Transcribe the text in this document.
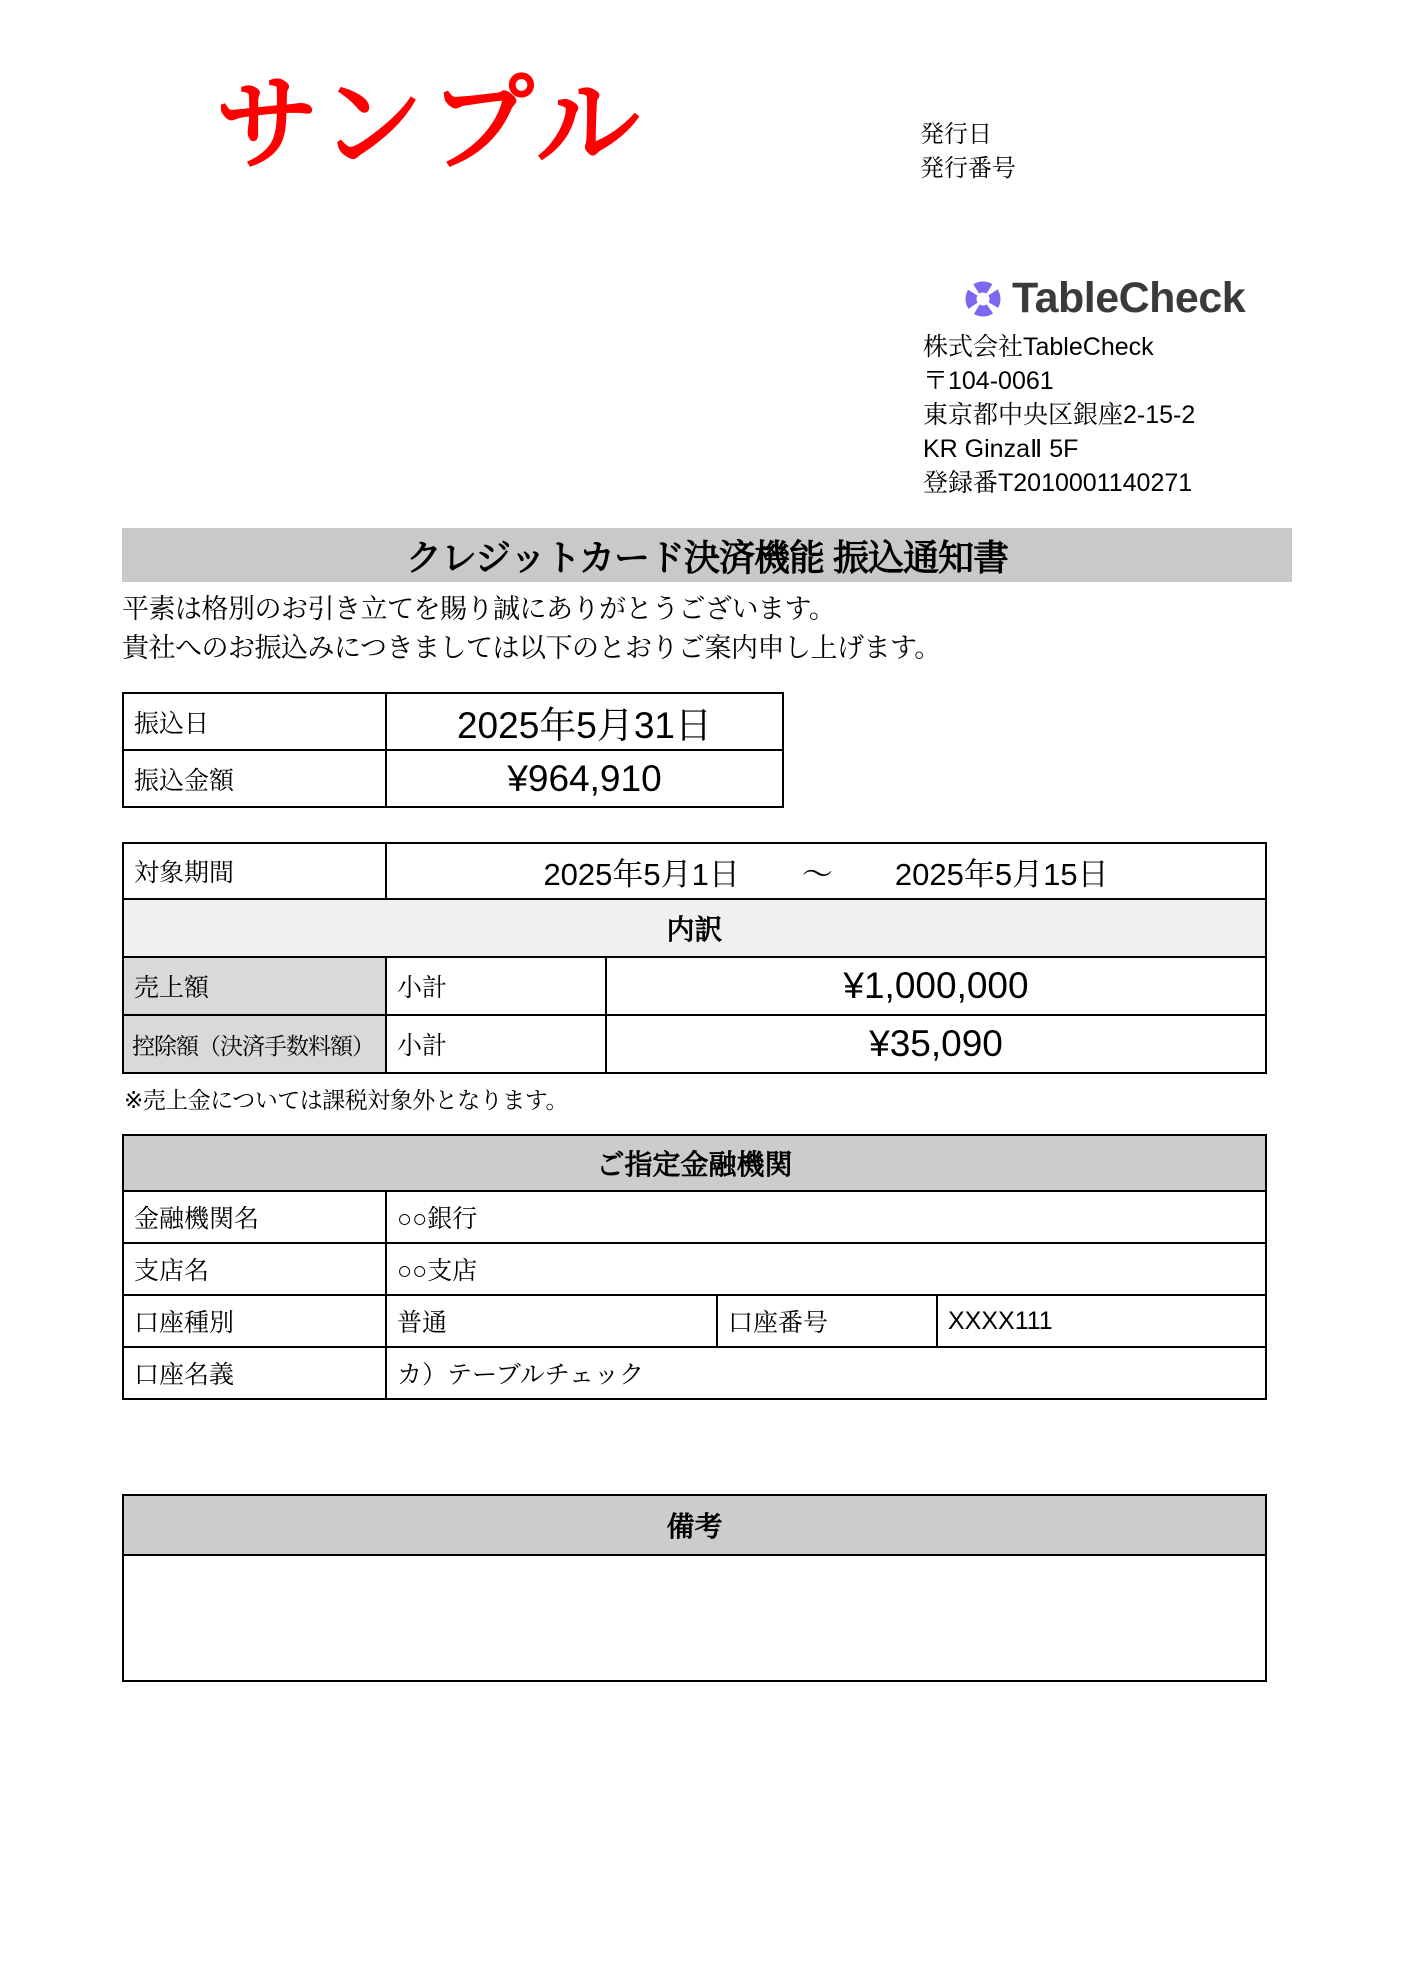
サンプル	発行日
発行番号
TableCheck
株式会社TableCheck
〒104-0061
東京都中央区銀座2-15-2
KR GinzaⅡ 5F
登録番T2010001140271
クレジットカード決済機能 振込通知書
平素は格別のお引き立てを賜り誠にありがとうございます。
貴社へのお振込みにつきましては以下のとおりご案内申し上げます。
振込日	2025年5月31日
振込金額	¥964,910
対象期間	2025年5月1日 ～ 2025年5月15日	

内訳		
売上額	小計	¥1,000,000
控除額（決済手数料額）	小計	¥35,090
※売上金については課税対象外となります。
ご指定金融機関			
金融機関名	○○銀行		
支店名	○○支店		
口座種別	普通	口座番号	XXXX111
口座名義	カ）テーブルチェック		
備考
